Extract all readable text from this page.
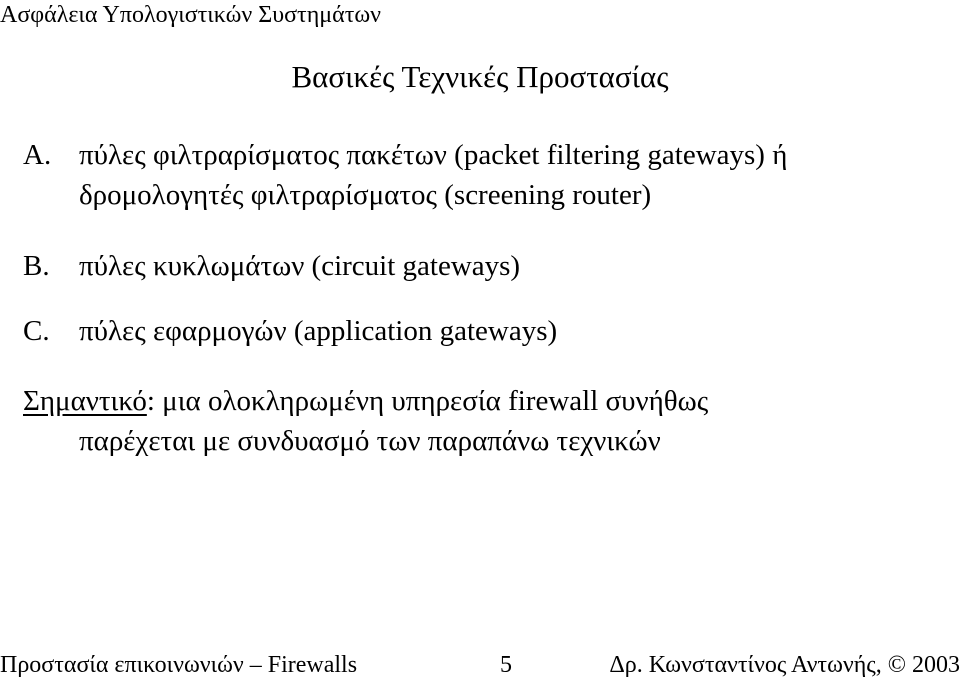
Ασφάλεια Υπολογιστικών Συστημάτων
Βασικές Τεχνικές Προστασίας
A. πύλες φιλτραρίσματος πακέτων (packet filtering gateways) ή
δρομολογητές φιλτραρίσματος (screening router)
B. πύλες κυκλωμάτων (circuit gateways)
C. πύλες εφαρμογών (application gateways)
Σημαντικό: μια ολοκληρωμένη υπηρεσία firewall συνήθως
παρέχεται με συνδυασμό των παραπάνω τεχνικών
Προστασία επικοινωνιών – Firewalls	5	Δρ. Κωνσταντίνος Αντωνής, © 2003
